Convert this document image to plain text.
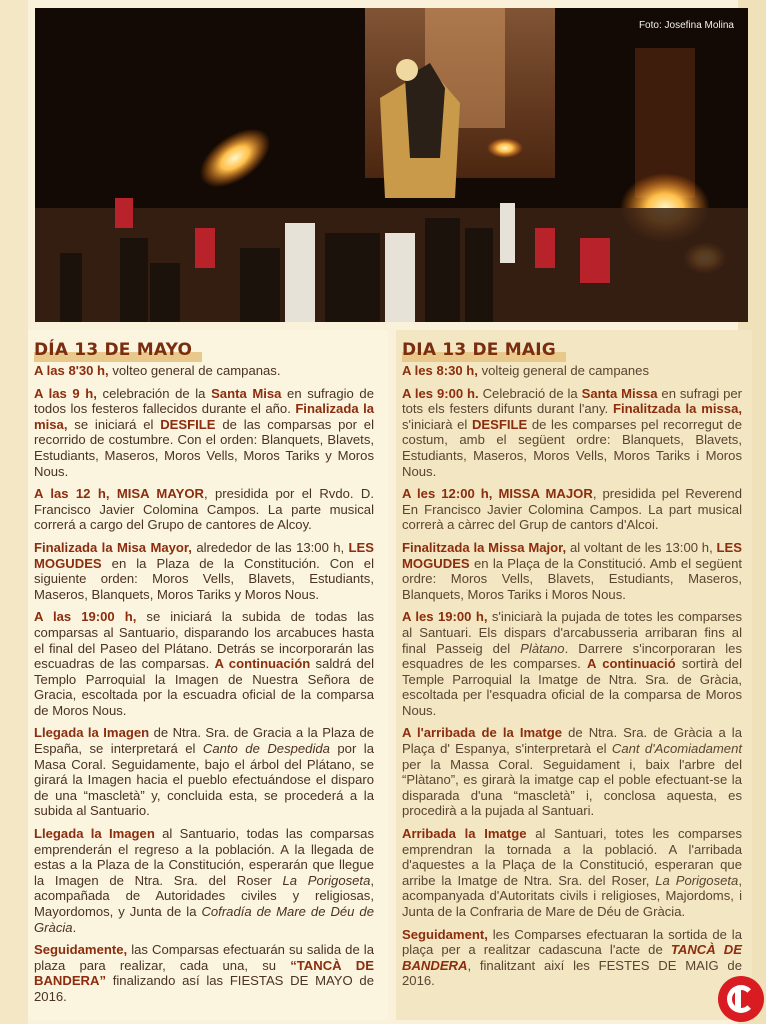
Foto: Josefina Molina
DÍA 13 DE MAYO

A las 8'30 h, volteo general de campanas.

A las 9 h, celebración de la Santa Misa en sufragio de todos los festeros fallecidos durante el año. Finalizada la misa, se iniciará el DESFILE de las comparsas por el recorrido de costumbre. Con el orden: Blanquets, Blavets, Estudiants, Maseros, Moros Vells, Moros Tariks y Moros Nous.

A las 12 h, MISA MAYOR, presidida por el Rvdo. D. Francisco Javier Colomina Campos. La parte musical correrá a cargo del Grupo de cantores de Alcoy.

Finalizada la Misa Mayor, alrededor de las 13:00 h, LES MOGUDES en la Plaza de la Constitución. Con el siguiente orden: Moros Vells, Blavets, Estudiants, Maseros, Blanquets, Moros Tariks y Moros Nous.

A las 19:00 h, se iniciará la subida de todas las comparsas al Santuario, disparando los arcabuces hasta el final del Paseo del Plátano. Detrás se incorporarán las escuadras de las comparsas. A continuación saldrá del Templo Parroquial la Imagen de Nuestra Señora de Gracia, escoltada por la escuadra oficial de la comparsa de Moros Nous.

Llegada la Imagen de Ntra. Sra. de Gracia a la Plaza de España, se interpretará el Canto de Despedida por la Masa Coral. Seguidamente, bajo el árbol del Plátano, se girará la Imagen hacia el pueblo efectuándose el disparo de una “mascletà” y, concluida esta, se procederá a la subida al Santuario.

Llegada la Imagen al Santuario, todas las comparsas emprenderán el regreso a la población. A la llegada de estas a la Plaza de la Constitución, esperarán que llegue la Imagen de Ntra. Sra. del Roser La Porigoseta, acompañada de Autoridades civiles y religiosas, Mayordomos, y Junta de la Cofradía de Mare de Déu de Gràcia.

Seguidamente, las Comparsas efectuarán su salida de la plaza para realizar, cada una, su “TANCÀ DE BANDERA” finalizando así las FIESTAS DE MAYO de 2016.

DIA 13 DE MAIG

A les 8:30 h, volteig general de campanes

A les 9:00 h. Celebració de la Santa Missa en sufragi per tots els festers difunts durant l'any. Finalitzada la missa, s'iniciarà el DESFILE de les comparses pel recorregut de costum, amb el següent ordre: Blanquets, Blavets, Estudiants, Maseros, Moros Vells, Moros Tariks i Moros Nous.

A les 12:00 h, MISSA MAJOR, presidida pel Reverend En Francisco Javier Colomina Campos. La part musical correrà a càrrec del Grup de cantors d'Alcoi.

Finalitzada la Missa Major, al voltant de les 13:00 h, LES MOGUDES en la Plaça de la Constitució. Amb el següent ordre: Moros Vells, Blavets, Estudiants, Maseros, Blanquets, Moros Tariks i Moros Nous.

A les 19:00 h, s'iniciarà la pujada de totes les comparses al Santuari. Els dispars d'arcabusseria arribaran fins al final Passeig del Plàtano. Darrere s'incorporaran les esquadres de les comparses. A continuació sortirà del Temple Parroquial la Imatge de Ntra. Sra. de Gràcia, escoltada per l'esquadra oficial de la comparsa de Moros Nous.

A l'arribada de la Imatge de Ntra. Sra. de Gràcia a la Plaça d' Espanya, s'interpretarà el Cant d'Acomiadament per la Massa Coral. Seguidament i, baix l'arbre del “Plàtano”, es girarà la imatge cap el poble efectuant-se la disparada d'una “mascletà” i, conclosa aquesta, es procedirà a la pujada al Santuari.

Arribada la Imatge al Santuari, totes les comparses emprendran la tornada a la població. A l'arribada d'aquestes a la Plaça de la Constitució, esperaran que arribe la Imatge de Ntra. Sra. del Roser, La Porigoseta, acompanyada d'Autoritats civils i religioses, Majordoms, i Junta de la Confraria de Mare de Déu de Gràcia.

Seguidament, les Comparses efectuaran la sortida de la plaça per a realitzar cadascuna l'acte de TANCÀ DE BANDERA, finalitzant així les FESTES DE MAIG de 2016.
